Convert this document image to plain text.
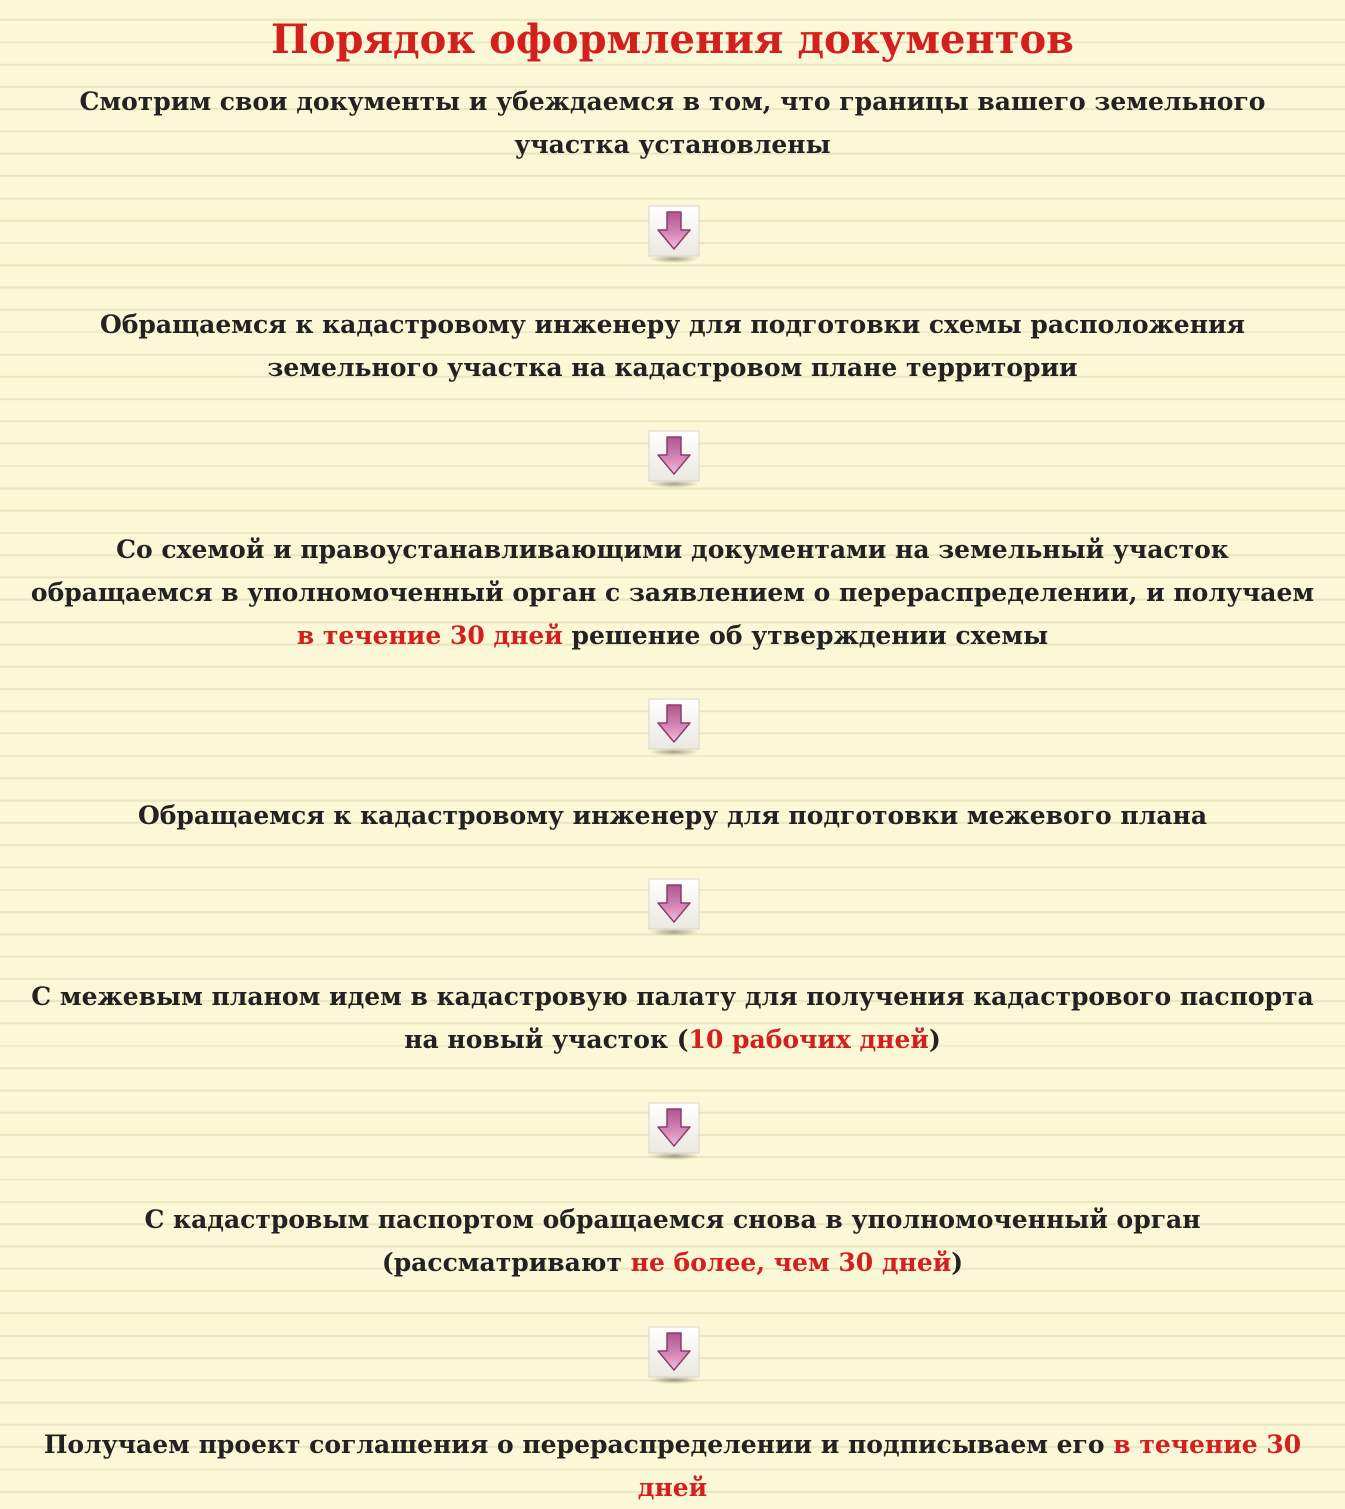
Порядок оформления документов
Смотрим свои документы и убеждаемся в том, что границы вашего земельного участка установлены
Обращаемся к кадастровому инженеру для подготовки схемы расположения земельного участка на кадастровом плане территории
Со схемой и правоустанавливающими документами на земельный участок обращаемся в уполномоченный орган с заявлением о перераспределении, и получаем в течение 30 дней решение об утверждении схемы
Обращаемся к кадастровому инженеру для подготовки межевого плана
С межевым планом идем в кадастровую палату для получения кадастрового паспорта на новый участок (10 рабочих дней)
С кадастровым паспортом обращаемся снова в уполномоченный орган (рассматривают не более, чем 30 дней)
Получаем проект соглашения о перераспределении и подписываем его в течение 30 дней
